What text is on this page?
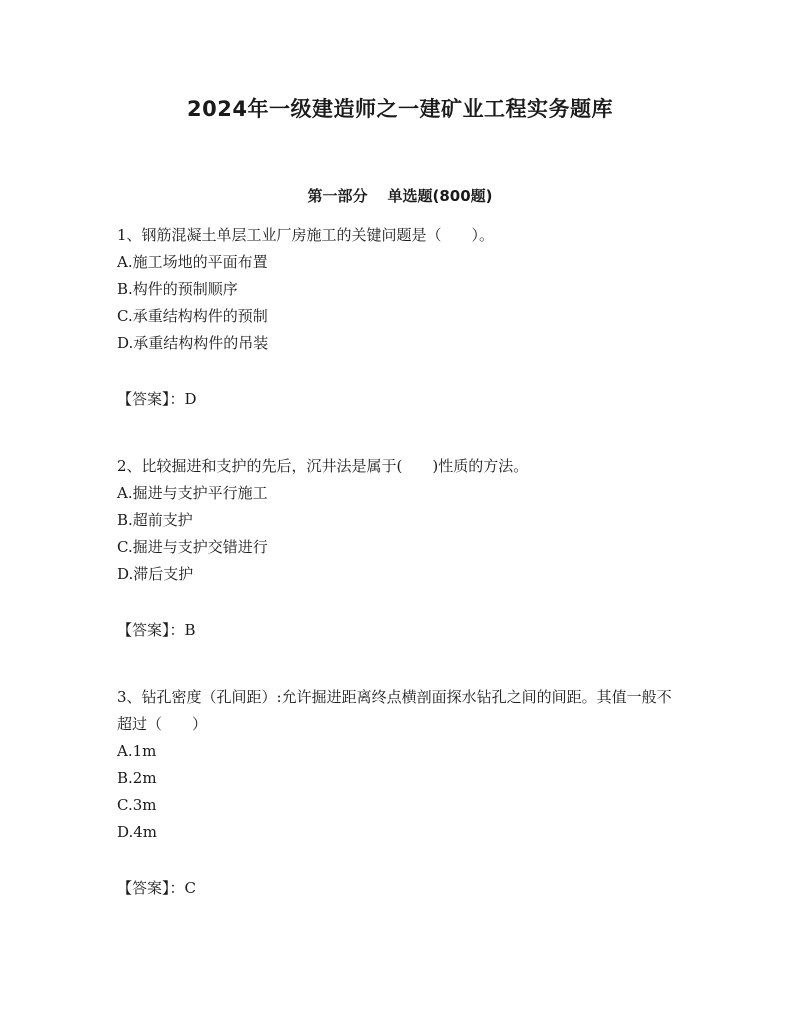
2024年一级建造师之一建矿业工程实务题库
第一部分 单选题(800题)

1、钢筋混凝土单层工业厂房施工的关键问题是（　　）。

A.施工场地的平面布置

B.构件的预制顺序

C.承重结构构件的预制

D.承重结构构件的吊装

【答案】：D

2、比较掘进和支护的先后，沉井法是属于(　　)性质的方法。

A.掘进与支护平行施工

B.超前支护

C.掘进与支护交错进行

D.滞后支护

【答案】：B

3、钻孔密度（孔间距）:允许掘进距离终点横剖面探水钻孔之间的间距。其值一般不超过（　　）

A.1m

B.2m

C.3m

D.4m

【答案】：C
